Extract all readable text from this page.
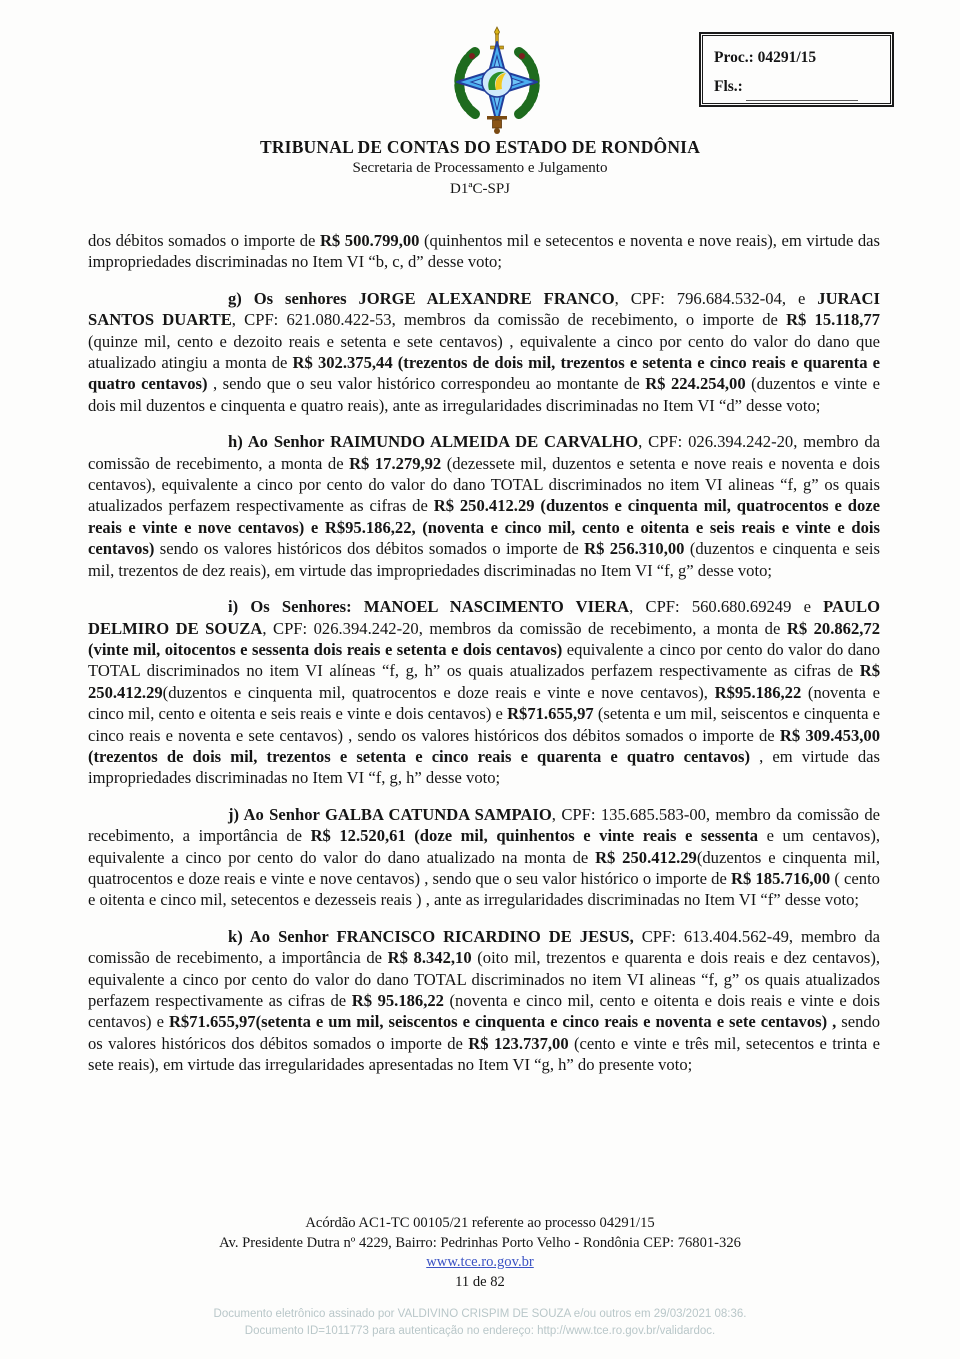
Proc.: 04291/15
Fls.:
TRIBUNAL DE CONTAS DO ESTADO DE RONDÔNIA
Secretaria de Processamento e Julgamento
D1ªC-SPJ

dos débitos somados o importe de R$ 500.799,00 (quinhentos mil e setecentos e noventa e nove reais), em virtude das impropriedades discriminadas no Item VI “b, c, d” desse voto;

g) Os senhores JORGE ALEXANDRE FRANCO, CPF: 796.684.532-04, e JURACI SANTOS DUARTE, CPF: 621.080.422-53, membros da comissão de recebimento, o importe de R$ 15.118,77 (quinze mil, cento e dezoito reais e setenta e sete centavos) , equivalente a cinco por cento do valor do dano que atualizado atingiu a monta de R$ 302.375,44 (trezentos de dois mil, trezentos e setenta e cinco reais e quarenta e quatro centavos) , sendo que o seu valor histórico correspondeu ao montante de R$ 224.254,00 (duzentos e vinte e dois mil duzentos e cinquenta e quatro reais), ante as irregularidades discriminadas no Item VI “d” desse voto;

h) Ao Senhor RAIMUNDO ALMEIDA DE CARVALHO, CPF: 026.394.242-20, membro da comissão de recebimento, a monta de R$ 17.279,92 (dezessete mil, duzentos e setenta e nove reais e noventa e dois centavos), equivalente a cinco por cento do valor do dano TOTAL discriminados no item VI alineas “f, g” os quais atualizados perfazem respectivamente as cifras de R$ 250.412.29 (duzentos e cinquenta mil, quatrocentos e doze reais e vinte e nove centavos) e R$95.186,22, (noventa e cinco mil, cento e oitenta e seis reais e vinte e dois centavos) sendo os valores históricos dos débitos somados o importe de R$ 256.310,00 (duzentos e cinquenta e seis mil, trezentos de dez reais), em virtude das impropriedades discriminadas no Item VI “f, g” desse voto;

i) Os Senhores: MANOEL NASCIMENTO VIERA, CPF: 560.680.69249 e PAULO DELMIRO DE SOUZA, CPF: 026.394.242-20, membros da comissão de recebimento, a monta de R$ 20.862,72 (vinte mil, oitocentos e sessenta dois reais e setenta e dois centavos) equivalente a cinco por cento do valor do dano TOTAL discriminados no item VI alíneas “f, g, h” os quais atualizados perfazem respectivamente as cifras de R$ 250.412.29(duzentos e cinquenta mil, quatrocentos e doze reais e vinte e nove centavos), R$95.186,22 (noventa e cinco mil, cento e oitenta e seis reais e vinte e dois centavos) e R$71.655,97 (setenta e um mil, seiscentos e cinquenta e cinco reais e noventa e sete centavos) , sendo os valores históricos dos débitos somados o importe de R$ 309.453,00 (trezentos de dois mil, trezentos e setenta e cinco reais e quarenta e quatro centavos) , em virtude das impropriedades discriminadas no Item VI “f, g, h” desse voto;

j) Ao Senhor GALBA CATUNDA SAMPAIO, CPF: 135.685.583-00, membro da comissão de recebimento, a importância de R$ 12.520,61 (doze mil, quinhentos e vinte reais e sessenta e um centavos), equivalente a cinco por cento do valor do dano atualizado na monta de R$ 250.412.29(duzentos e cinquenta mil, quatrocentos e doze reais e vinte e nove centavos) , sendo que o seu valor histórico o importe de R$ 185.716,00 ( cento e oitenta e cinco mil, setecentos e dezesseis reais ) , ante as irregularidades discriminadas no Item VI “f” desse voto;

k) Ao Senhor FRANCISCO RICARDINO DE JESUS, CPF: 613.404.562-49, membro da comissão de recebimento, a importância de R$ 8.342,10 (oito mil, trezentos e quarenta e dois reais e dez centavos), equivalente a cinco por cento do valor do dano TOTAL discriminados no item VI alineas “f, g” os quais atualizados perfazem respectivamente as cifras de R$ 95.186,22 (noventa e cinco mil, cento e oitenta e dois reais e vinte e dois centavos) e R$71.655,97(setenta e um mil, seiscentos e cinquenta e cinco reais e noventa e sete centavos) , sendo os valores históricos dos débitos somados o importe de R$ 123.737,00 (cento e vinte e três mil, setecentos e trinta e sete reais), em virtude das irregularidades apresentadas no Item VI “g, h” do presente voto;

Acórdão AC1-TC 00105/21 referente ao processo 04291/15
Av. Presidente Dutra nº 4229, Bairro: Pedrinhas Porto Velho - Rondônia CEP: 76801-326
www.tce.ro.gov.br
11 de 82
Documento eletrônico assinado por VALDIVINO CRISPIM DE SOUZA e/ou outros em 29/03/2021 08:36.
Documento ID=1011773 para autenticação no endereço: http://www.tce.ro.gov.br/validardoc.
